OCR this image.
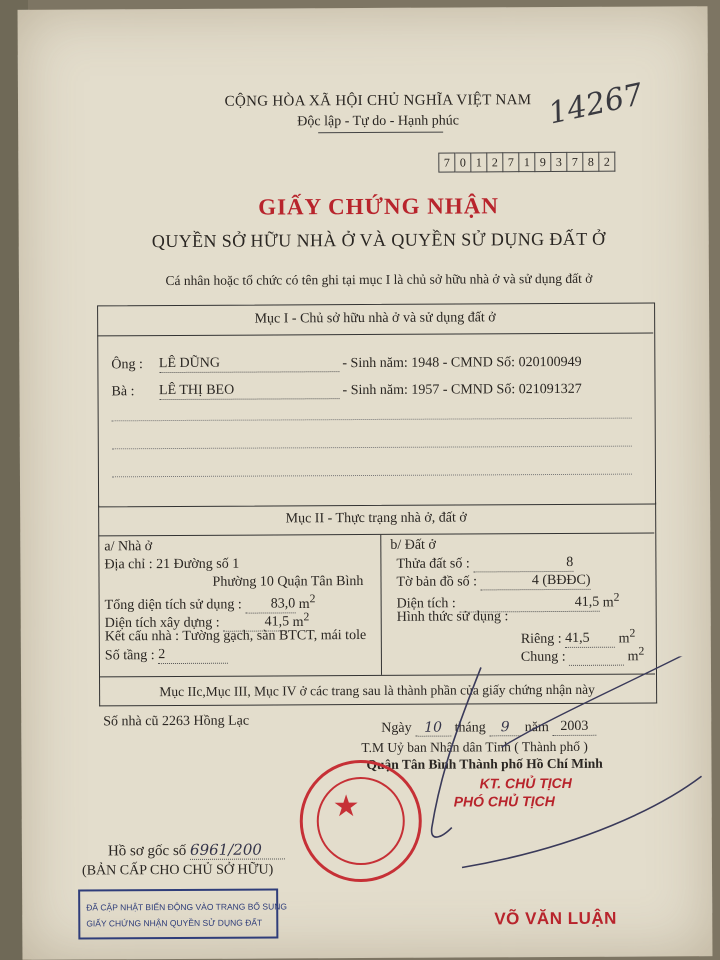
CỘNG HÒA XÃ HỘI CHỦ NGHĨA VIỆT NAM
Độc lập - Tự do - Hạnh phúc	14267
7 0 1 2 7 1 9 3 7 8 2
GIẤY CHỨNG NHẬN
QUYỀN SỞ HỮU NHÀ Ở VÀ QUYỀN SỬ DỤNG ĐẤT Ở
Cá nhân hoặc tổ chức có tên ghi tại mục I là chủ sở hữu nhà ở và sử dụng đất ở
Mục I - Chủ sở hữu nhà ở và sử dụng đất ở
Ông : LÊ DŨNG	- Sinh năm: 1948 - CMND Số: 020100949
Bà : LÊ THỊ BEO	- Sinh năm: 1957 - CMND Số: 021091327
Mục II - Thực trạng nhà ở, đất ở
a/ Nhà ở
Địa chỉ : 21 Đường số 1
Phường 10 Quận Tân Bình
Tổng diện tích sử dụng : 83,0 $m^2$
Diện tích xây dựng :	41,5 $m^2$
Kết cấu nhà : Tường gạch, sàn BTCT, mái tole
Số tầng : 2
b/ Đất ở
Thửa đất số :	8
Tờ bản đồ số :	4 (BĐĐC)
Diện tích :	41,5 $m^2$
Hình thức sử dụng :
Riêng : 41,5 $m^2$
Chung :	$m^2$
Mục IIc,Mục III, Mục IV ở các trang sau là thành phần của giấy chứng nhận này
Số nhà cũ 2263 Hồng Lạc	Ngày 10 tháng 9 năm 2003
T.M Uỷ ban Nhân dân Tỉnh ( Thành phố )
Quận Tân Bình Thành phố Hồ Chí Minh
KT. CHỦ TỊCH
PHÓ CHỦ TỊCH
Hồ sơ gốc số 6961/200
(BẢN CẤP CHO CHỦ SỞ HỮU)
★
ĐÃ CẬP NHẬT BIẾN ĐỘNG VÀO TRANG BỔ SUNG
GIẤY CHỨNG NHẬN QUYỀN SỬ DỤNG ĐẤT	VÕ VĂN LUẬN
